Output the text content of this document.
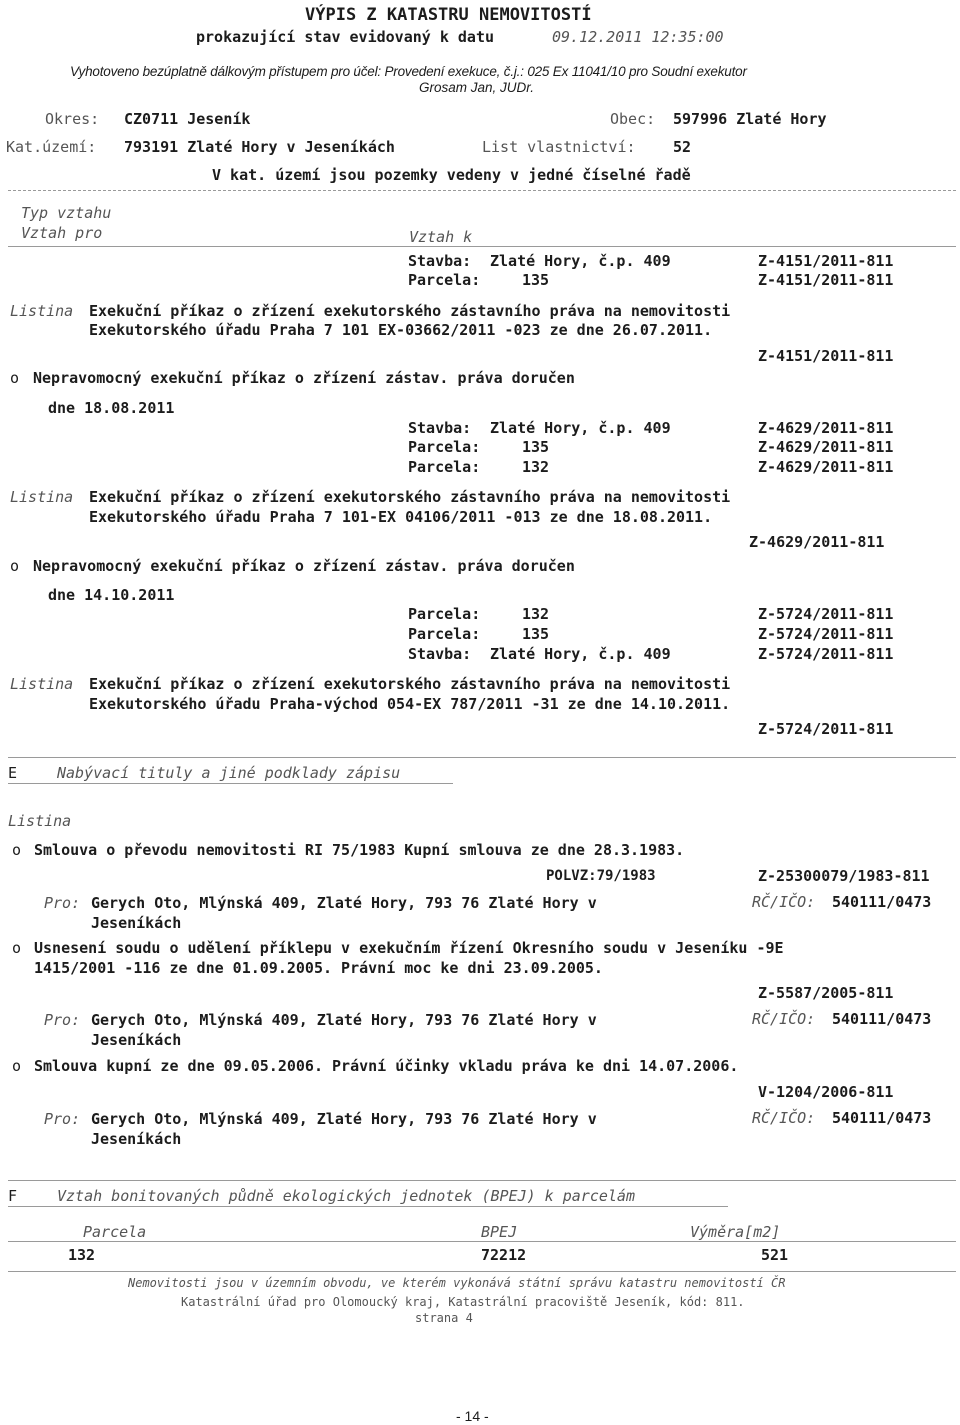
VÝPIS Z KATASTRU NEMOVITOSTÍ
prokazující stav evidovaný k datu	09.12.2011 12:35:00
Vyhotoveno bezúplatně dálkovým přístupem pro účel: Provedení exekuce, č.j.: 025 Ex 11041/10 pro Soudní exekutor
Grosam Jan, JUDr.
Okres: CZ0711 Jeseník	Obec: 597996 Zlaté Hory
Kat.území: 793191 Zlaté Hory v Jeseníkách	List vlastnictví: 52
V kat. území jsou pozemky vedeny v jedné číselné řadě
Typ vztahu
Vztah pro	Vztah k
Stavba: Zlaté Hory, č.p. 409	Z-4151/2011-811
Parcela:	135	Z-4151/2011-811
Listina Exekuční příkaz o zřízení exekutorského zástavního práva na nemovitosti
Exekutorského úřadu Praha 7 101 EX-03662/2011 -023 ze dne 26.07.2011.
Z-4151/2011-811
o Nepravomocný exekuční příkaz o zřízení zástav. práva doručen
dne 18.08.2011
Stavba: Zlaté Hory, č.p. 409	Z-4629/2011-811
Parcela:	135	Z-4629/2011-811
Parcela:	132	Z-4629/2011-811
Listina Exekuční příkaz o zřízení exekutorského zástavního práva na nemovitosti
Exekutorského úřadu Praha 7 101-EX 04106/2011 -013 ze dne 18.08.2011.
Z-4629/2011-811
o Nepravomocný exekuční příkaz o zřízení zástav. práva doručen
dne 14.10.2011
Parcela:	132	Z-5724/2011-811
Parcela:	135	Z-5724/2011-811
Stavba: Zlaté Hory, č.p. 409	Z-5724/2011-811
Listina Exekuční příkaz o zřízení exekutorského zástavního práva na nemovitosti
Exekutorského úřadu Praha-východ 054-EX 787/2011 -31 ze dne 14.10.2011.
Z-5724/2011-811
E	Nabývací tituly a jiné podklady zápisu
Listina
o Smlouva o převodu nemovitosti RI 75/1983 Kupní smlouva ze dne 28.3.1983.
POLVZ:79/1983	Z-25300079/1983-811
Pro: Gerych Oto, Mlýnská 409, Zlaté Hory, 793 76 Zlaté Hory v
Jeseníkách
RČ/IČO: 540111/0473
o Usnesení soudu o udělení příklepu v exekučním řízení Okresního soudu v Jeseníku -9E
1415/2001 -116 ze dne 01.09.2005. Právní moc ke dni 23.09.2005.
Z-5587/2005-811
Pro: Gerych Oto, Mlýnská 409, Zlaté Hory, 793 76 Zlaté Hory v
Jeseníkách
RČ/IČO: 540111/0473
o Smlouva kupní ze dne 09.05.2006. Právní účinky vkladu práva ke dni 14.07.2006.
V-1204/2006-811
Pro: Gerych Oto, Mlýnská 409, Zlaté Hory, 793 76 Zlaté Hory v
Jeseníkách
RČ/IČO: 540111/0473
F	Vztah bonitovaných půdně ekologických jednotek (BPEJ) k parcelám
Parcela	BPEJ	Výměra[m2]
132	72212	521
Nemovitosti jsou v územním obvodu, ve kterém vykonává státní správu katastru nemovitostí ČR
Katastrální úřad pro Olomoucký kraj, Katastrální pracoviště Jeseník, kód: 811.
strana 4
- 14 -
